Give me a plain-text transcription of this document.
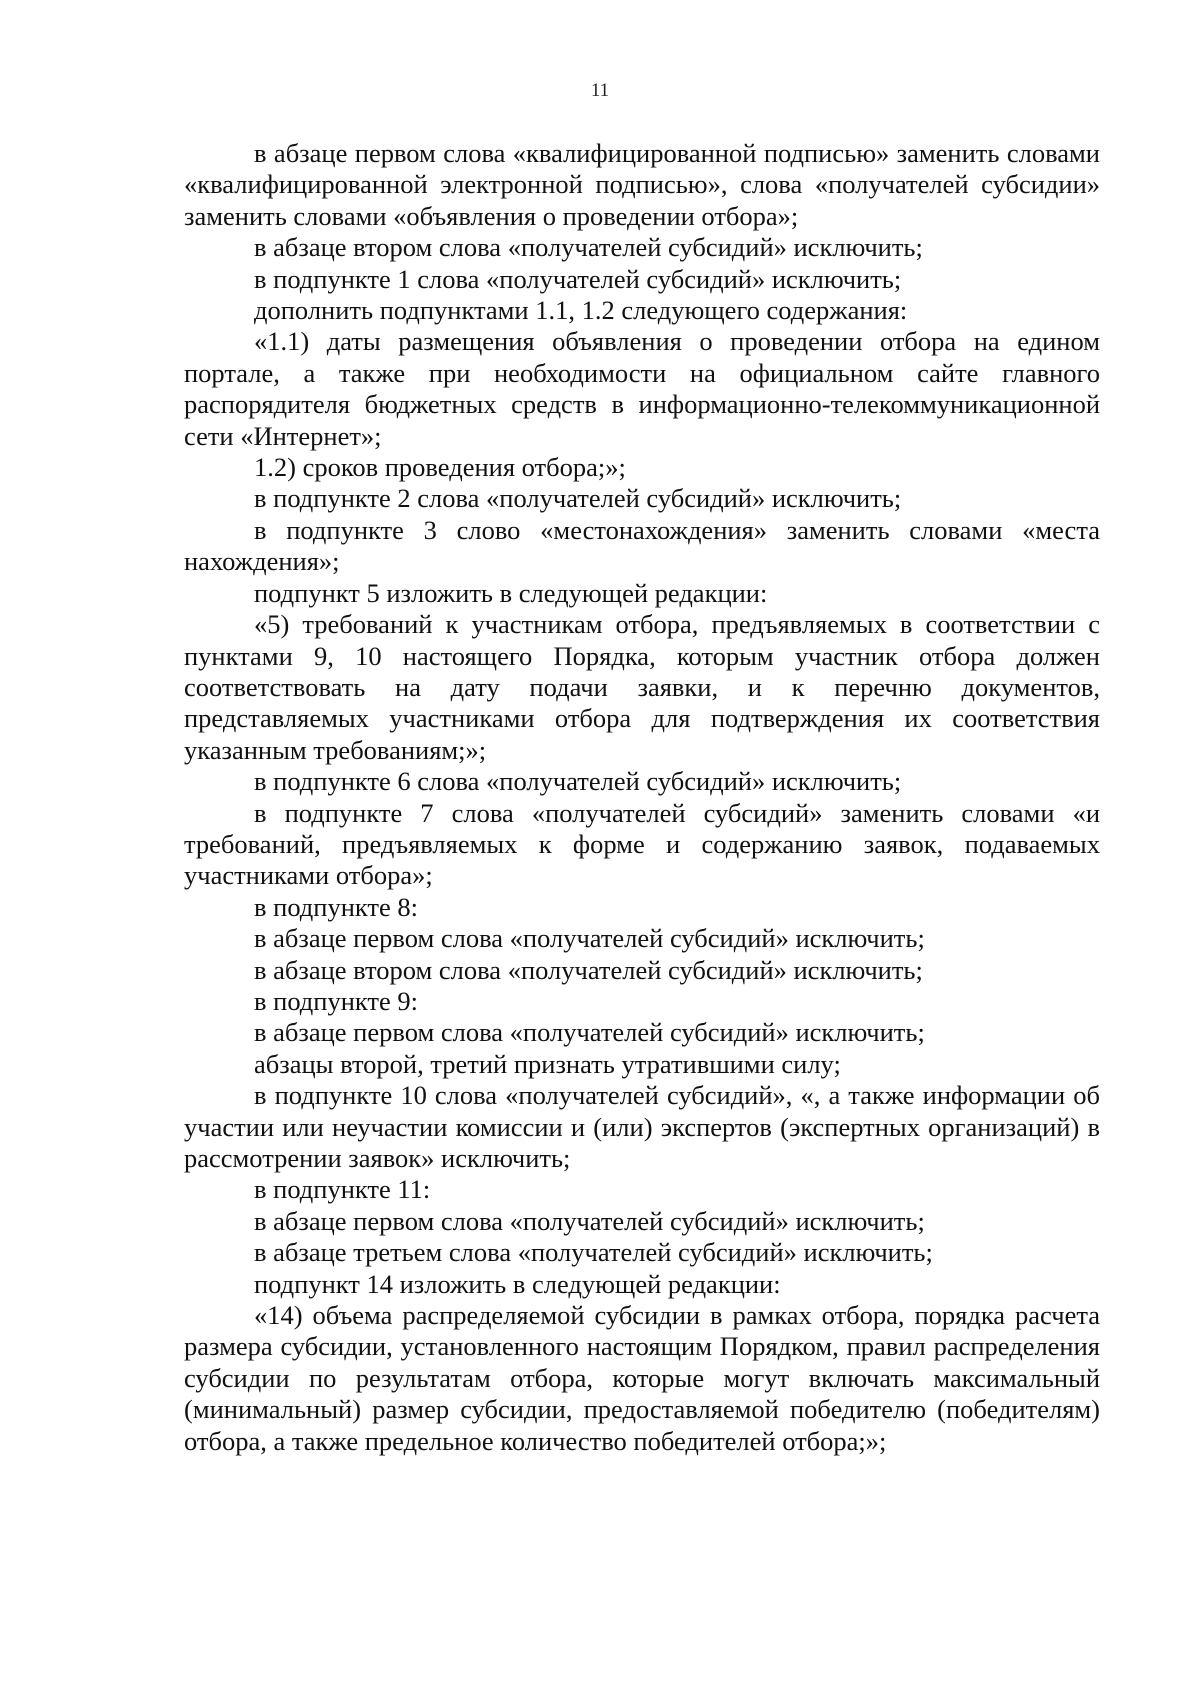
11

в абзаце первом слова «квалифицированной подписью» заменить словами «квалифицированной электронной подписью», слова «получателей субсидии» заменить словами «объявления о проведении отбора»;

в абзаце втором слова «получателей субсидий» исключить;

в подпункте 1 слова «получателей субсидий» исключить;

дополнить подпунктами 1.1, 1.2 следующего содержания:

«1.1) даты размещения объявления о проведении отбора на едином портале, а также при необходимости на официальном сайте главного распорядителя бюджетных средств в информационно-телекоммуникационной сети «Интернет»;

1.2) сроков проведения отбора;»;

в подпункте 2 слова «получателей субсидий» исключить;

в подпункте 3 слово «местонахождения» заменить словами «места нахождения»;

подпункт 5 изложить в следующей редакции:

«5) требований к участникам отбора, предъявляемых в соответствии с пунктами 9, 10 настоящего Порядка, которым участник отбора должен соответствовать на дату подачи заявки, и к перечню документов, представляемых участниками отбора для подтверждения их соответствия указанным требованиям;»;

в подпункте 6 слова «получателей субсидий» исключить;

в подпункте 7 слова «получателей субсидий» заменить словами «и требований, предъявляемых к форме и содержанию заявок, подаваемых участниками отбора»;

в подпункте 8:

в абзаце первом слова «получателей субсидий» исключить;

в абзаце втором слова «получателей субсидий» исключить;

в подпункте 9:

в абзаце первом слова «получателей субсидий» исключить;

абзацы второй, третий признать утратившими силу;

в подпункте 10 слова «получателей субсидий», «, а также информации об участии или неучастии комиссии и (или) экспертов (экспертных организаций) в рассмотрении заявок» исключить;

в подпункте 11:

в абзаце первом слова «получателей субсидий» исключить;

в абзаце третьем слова «получателей субсидий» исключить;

подпункт 14 изложить в следующей редакции:

«14) объема распределяемой субсидии в рамках отбора, порядка расчета размера субсидии, установленного настоящим Порядком, правил распределения субсидии по результатам отбора, которые могут включать максимальный (минимальный) размер субсидии, предоставляемой победителю (победителям) отбора, а также предельное количество победителей отбора;»;
